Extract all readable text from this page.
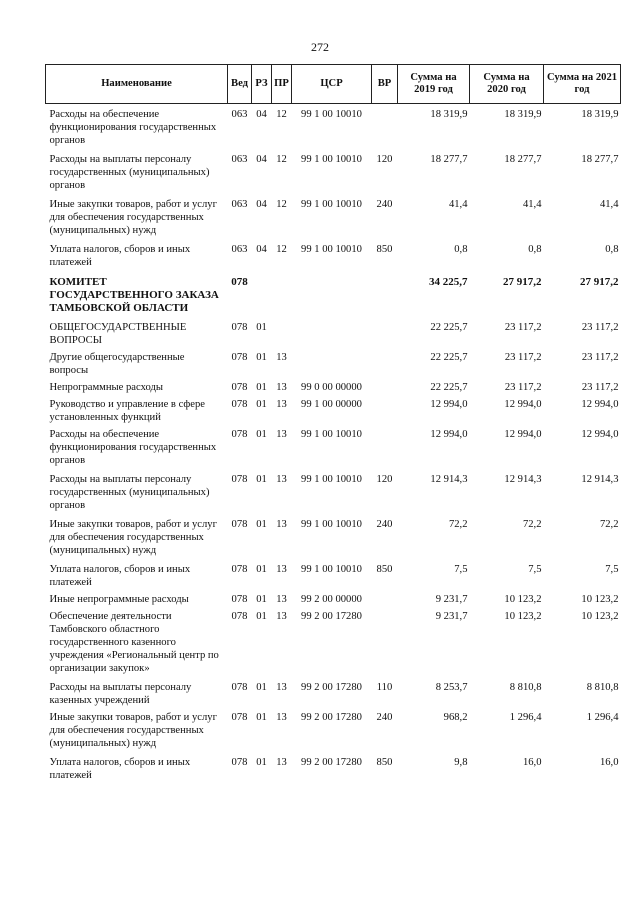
272
Наименование	Вед	РЗ	ПР	ЦСР	ВР	Сумма на 2019 год	Сумма на 2020 год	Сумма на 2021 год
Расходы на обеспечение функционирования государственных органов	063	04	12	99 1 00 10010		18 319,9	18 319,9	18 319,9
Расходы на выплаты персоналу государственных (муниципальных) органов	063	04	12	99 1 00 10010	120	18 277,7	18 277,7	18 277,7
Иные закупки товаров, работ и услуг для обеспечения государственных (муниципальных) нужд	063	04	12	99 1 00 10010	240	41,4	41,4	41,4
Уплата налогов, сборов и иных платежей	063	04	12	99 1 00 10010	850	0,8	0,8	0,8
КОМИТЕТ ГОСУДАРСТВЕННОГО ЗАКАЗА ТАМБОВСКОЙ ОБЛАСТИ	078					34 225,7	27 917,2	27 917,2
ОБЩЕГОСУДАРСТВЕННЫЕ ВОПРОСЫ	078	01				22 225,7	23 117,2	23 117,2
Другие общегосударственные вопросы	078	01	13			22 225,7	23 117,2	23 117,2
Непрограммные расходы	078	01	13	99 0 00 00000		22 225,7	23 117,2	23 117,2
Руководство и управление в сфере установленных функций	078	01	13	99 1 00 00000		12 994,0	12 994,0	12 994,0
Расходы на обеспечение функционирования государственных органов	078	01	13	99 1 00 10010		12 994,0	12 994,0	12 994,0
Расходы на выплаты персоналу государственных (муниципальных) органов	078	01	13	99 1 00 10010	120	12 914,3	12 914,3	12 914,3
Иные закупки товаров, работ и услуг для обеспечения государственных (муниципальных) нужд	078	01	13	99 1 00 10010	240	72,2	72,2	72,2
Уплата налогов, сборов и иных платежей	078	01	13	99 1 00 10010	850	7,5	7,5	7,5
Иные непрограммные расходы	078	01	13	99 2 00 00000		9 231,7	10 123,2	10 123,2
Обеспечение деятельности Тамбовского областного государственного казенного учреждения «Региональный центр по организации закупок»	078	01	13	99 2 00 17280		9 231,7	10 123,2	10 123,2
Расходы на выплаты персоналу казенных учреждений	078	01	13	99 2 00 17280	110	8 253,7	8 810,8	8 810,8
Иные закупки товаров, работ и услуг для обеспечения государственных (муниципальных) нужд	078	01	13	99 2 00 17280	240	968,2	1 296,4	1 296,4
Уплата налогов, сборов и иных платежей	078	01	13	99 2 00 17280	850	9,8	16,0	16,0
